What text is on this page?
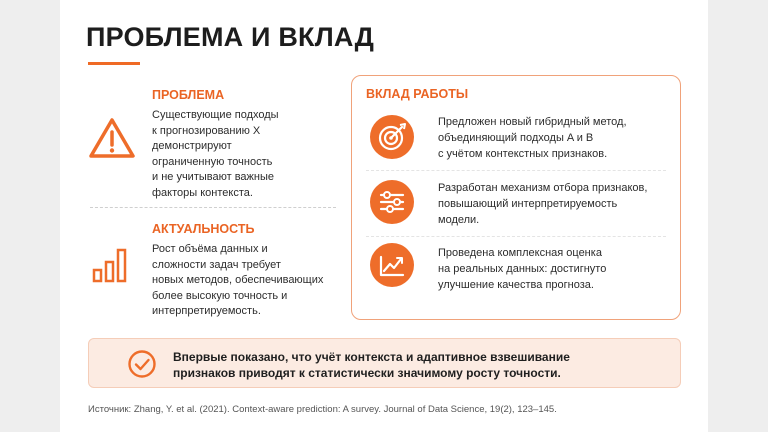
ПРОБЛЕМА И ВКЛАД
ПРОБЛЕМА
Существующие подходы
к прогнозированию X
демонстрируют
ограниченную точность
и не учитывают важные
факторы контекста.
АКТУАЛЬНОСТЬ
Рост объёма данных и
сложности задач требует
новых методов, обеспечивающих
более высокую точность и
интерпретируемость.
ВКЛАД РАБОТЫ
Предложен новый гибридный метод,
объединяющий подходы A и B
с учётом контекстных признаков.
Разработан механизм отбора признаков,
повышающий интерпретируемость
модели.
Проведена комплексная оценка
на реальных данных: достигнуто
улучшение качества прогноза.
Впервые показано, что учёт контекста и адаптивное взвешивание
признаков приводят к статистически значимому росту точности.
Источник: Zhang, Y. et al. (2021). Context-aware prediction: A survey. Journal of Data Science, 19(2), 123–145.
